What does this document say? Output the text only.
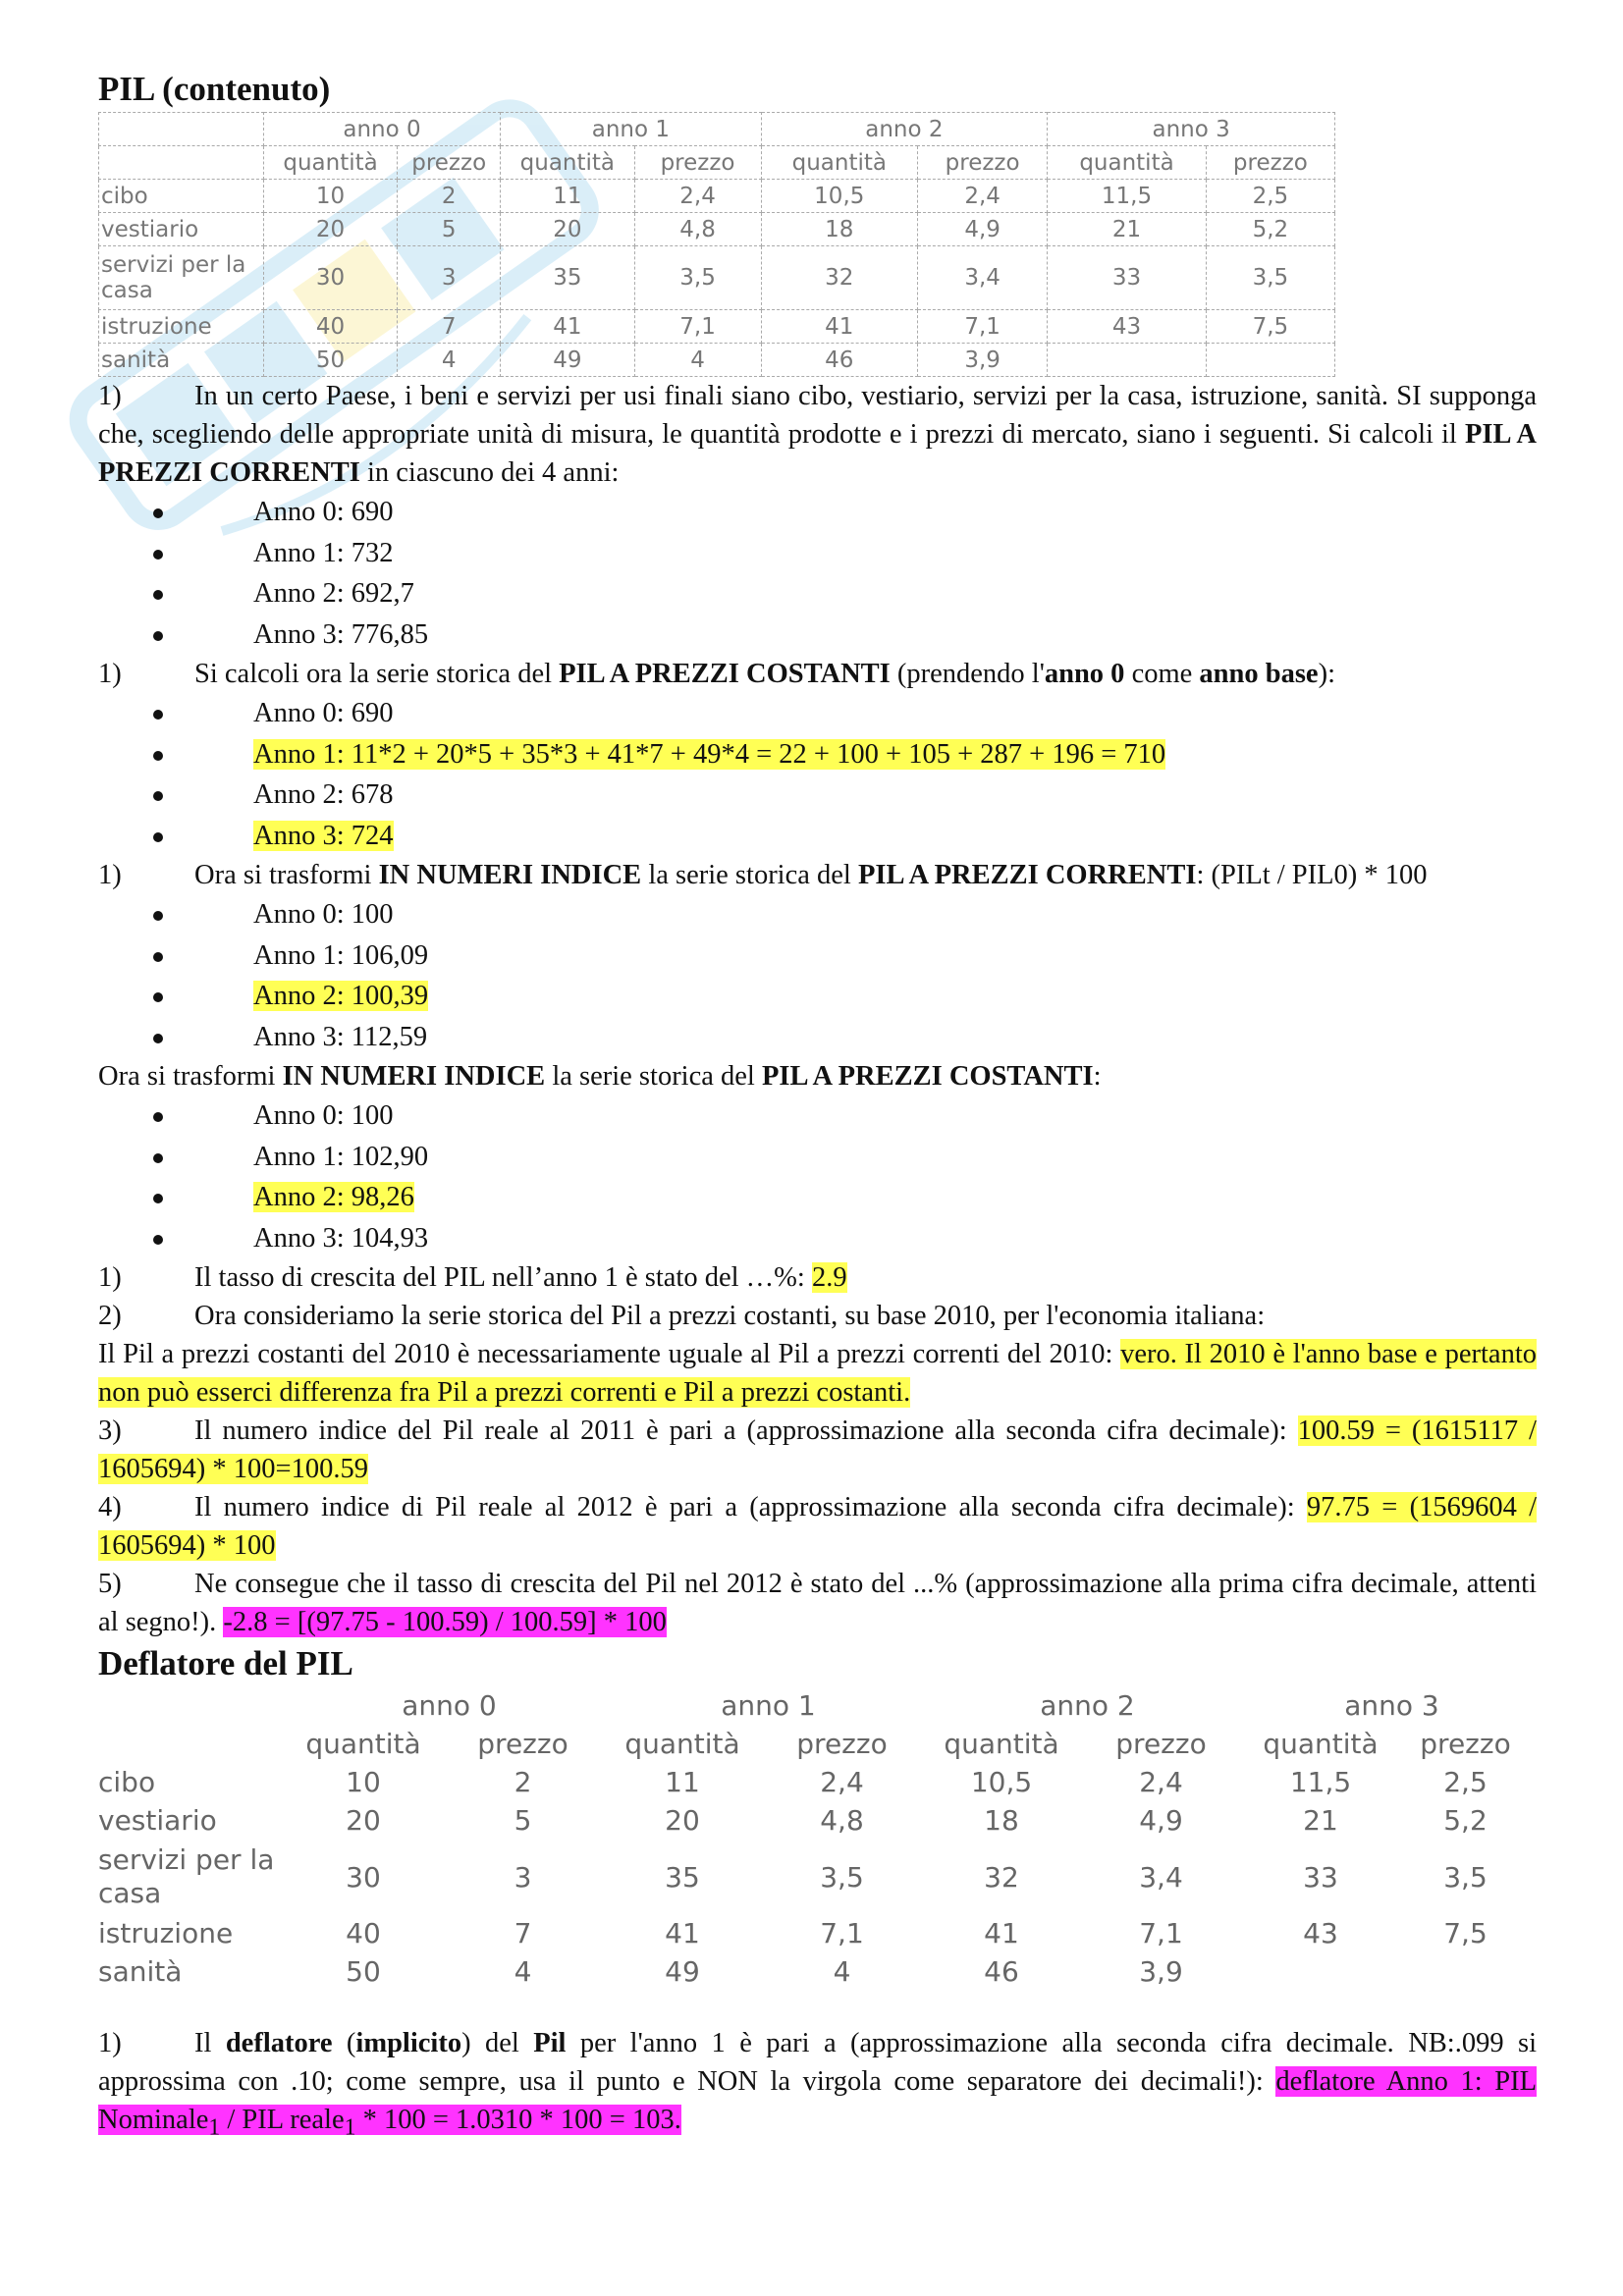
PIL (contenuto)
	anno 0		anno 1		anno 2		anno 3	
	quantità	prezzo	quantità	prezzo	quantità	prezzo	quantità	prezzo
cibo	10	2	11	2,4	10,5	2,4	11,5	2,5
vestiario	20	5	20	4,8	18	4,9	21	5,2
servizi per la casa	30	3	35	3,5	32	3,4	33	3,5
istruzione	40	7	41	7,1	41	7,1	43	7,5
sanità	50	4	49	4	46	3,9		

1)	In un certo Paese, i beni e servizi per usi finali siano cibo, vestiario, servizi per la casa, istruzione, sanità. SI supponga che, scegliendo delle appropriate unità di misura, le quantità prodotte e i prezzi di mercato, siano i seguenti. Si calcoli il PIL A PREZZI CORRENTI in ciascuno dei 4 anni:

Anno 0: 690
Anno 1: 732
Anno 2: 692,7
Anno 3: 776,85

1)	Si calcoli ora la serie storica del PIL A PREZZI COSTANTI (prendendo l'anno 0 come anno base):

Anno 0: 690
Anno 1: 11*2 + 20*5 + 35*3 + 41*7 + 49*4 = 22 + 100 + 105 + 287 + 196 = 710
Anno 2: 678
Anno 3: 724

1)	Ora si trasformi IN NUMERI INDICE la serie storica del PIL A PREZZI CORRENTI: (PILt / PIL0) * 100

Anno 0: 100
Anno 1: 106,09
Anno 2: 100,39
Anno 3: 112,59

Ora si trasformi IN NUMERI INDICE la serie storica del PIL A PREZZI COSTANTI:

Anno 0: 100
Anno 1: 102,90
Anno 2: 98,26
Anno 3: 104,93

1)	Il tasso di crescita del PIL nell’anno 1 è stato del …%: 2.9

2)	Ora consideriamo la serie storica del Pil a prezzi costanti, su base 2010, per l'economia italiana:

Il Pil a prezzi costanti del 2010 è necessariamente uguale al Pil a prezzi correnti del 2010: vero. Il 2010 è l'anno base e pertanto non può esserci differenza fra Pil a prezzi correnti e Pil a prezzi costanti.

3)	Il numero indice del Pil reale al 2011 è pari a (approssimazione alla seconda cifra decimale): 100.59 = (1615117 / 1605694) * 100=100.59

4)	Il numero indice di Pil reale al 2012 è pari a (approssimazione alla seconda cifra decimale): 97.75 = (1569604 / 1605694) * 100

5)	Ne consegue che il tasso di crescita del Pil nel 2012 è stato del ...% (approssimazione alla prima cifra decimale, attenti al segno!). -2.8 = [(97.75 - 100.59) / 100.59] * 100

Deflatore del PIL
	anno 0		anno 1		anno 2		anno 3	
	quantità	prezzo	quantità	prezzo	quantità	prezzo	quantità	prezzo
cibo	10	2	11	2,4	10,5	2,4	11,5	2,5
vestiario	20	5	20	4,8	18	4,9	21	5,2
servizi per la casa	30	3	35	3,5	32	3,4	33	3,5
istruzione	40	7	41	7,1	41	7,1	43	7,5
sanità	50	4	49	4	46	3,9		

1)	Il deflatore (implicito) del Pil per l'anno 1 è pari a (approssimazione alla seconda cifra decimale. NB:.099 si approssima con .10; come sempre, usa il punto e NON la virgola come separatore dei decimali!): deflatore Anno 1: PIL Nominale$_1$ / PIL reale$_1$ * 100 = 1.0310 * 100 = 103.
